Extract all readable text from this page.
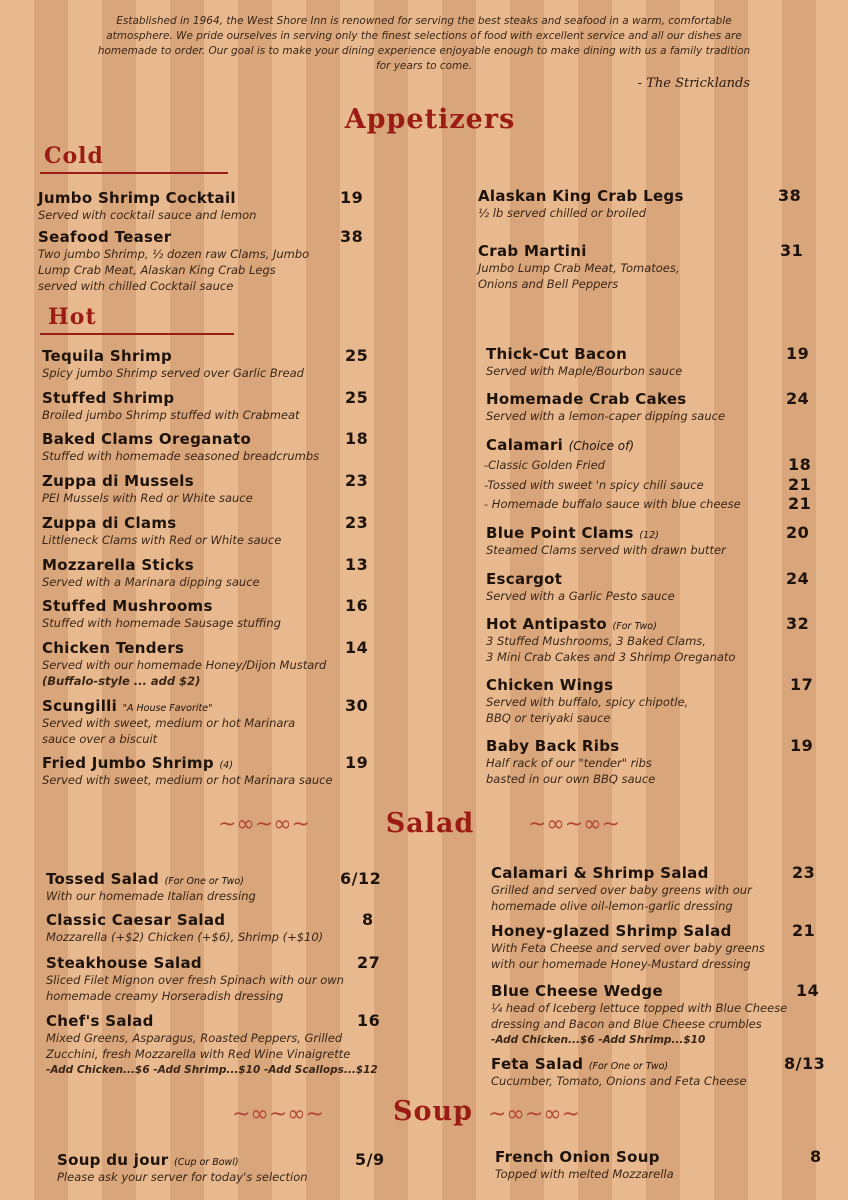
Established in 1964, the West Shore Inn is renowned for serving the best steaks and seafood in a warm, comfortable atmosphere. We pride ourselves in serving only the finest selections of food with excellent service and all our dishes are homemade to order. Our goal is to make your dining experience enjoyable enough to make dining with us a family tradition for years to come.
- The Stricklands
Appetizers
Cold
Hot
~∞~∞~	Salad	~∞~∞~
~∞~∞~	Soup ~∞~∞~
Jumbo Shrimp Cocktail
Served with cocktail sauce and lemon
19
Seafood Teaser
Two jumbo Shrimp, ½ dozen raw Clams, Jumbo
Lump Crab Meat, Alaskan King Crab Legs
served with chilled Cocktail sauce
38
Alaskan King Crab Legs
½ lb served chilled or broiled
38
Crab Martini
Jumbo Lump Crab Meat, Tomatoes,
Onions and Bell Peppers
31
Tequila Shrimp
Spicy jumbo Shrimp served over Garlic Bread
25
Stuffed Shrimp
Broiled jumbo Shrimp stuffed with Crabmeat
25
Baked Clams Oreganato
Stuffed with homemade seasoned breadcrumbs
18
Zuppa di Mussels
PEI Mussels with Red or White sauce
23
Zuppa di Clams
Littleneck Clams with Red or White sauce
23
Mozzarella Sticks
Served with a Marinara dipping sauce
13
Stuffed Mushrooms
Stuffed with homemade Sausage stuffing
16
Chicken Tenders
Served with our homemade Honey/Dijon Mustard
(Buffalo-style ... add $2)
14
Scungilli "A House Favorite"
Served with sweet, medium or hot Marinara
sauce over a biscuit
30
Fried Jumbo Shrimp (4)
Served with sweet, medium or hot Marinara sauce
19
Thick-Cut Bacon
Served with Maple/Bourbon sauce
19
Homemade Crab Cakes
Served with a lemon-caper dipping sauce
24
Calamari (Choice of)
-Classic Golden Fried	18
-Tossed with sweet 'n spicy chili sauce	21
- Homemade buffalo sauce with blue cheese	21
Blue Point Clams (12)
Steamed Clams served with drawn butter
20
Escargot
Served with a Garlic Pesto sauce
24
Hot Antipasto (For Two)
3 Stuffed Mushrooms, 3 Baked Clams,
3 Mini Crab Cakes and 3 Shrimp Oreganato
32
Chicken Wings
Served with buffalo, spicy chipotle,
BBQ or teriyaki sauce
17
Baby Back Ribs
Half rack of our "tender" ribs
basted in our own BBQ sauce
19
Tossed Salad (For One or Two)
With our homemade Italian dressing
6/12
Classic Caesar Salad
Mozzarella (+$2) Chicken (+$6), Shrimp (+$10)
8
Steakhouse Salad
Sliced Filet Mignon over fresh Spinach with our own
homemade creamy Horseradish dressing
27
Chef's Salad
Mixed Greens, Asparagus, Roasted Peppers, Grilled
Zucchini, fresh Mozzarella with Red Wine Vinaigrette
-Add Chicken...$6 -Add Shrimp...$10 -Add Scallops...$12
16
Calamari & Shrimp Salad
Grilled and served over baby greens with our
homemade olive oil-lemon-garlic dressing
23
Honey-glazed Shrimp Salad
With Feta Cheese and served over baby greens
with our homemade Honey-Mustard dressing
21
Blue Cheese Wedge
¼ head of Iceberg lettuce topped with Blue Cheese
dressing and Bacon and Blue Cheese crumbles
-Add Chicken...$6 -Add Shrimp...$10
14
Feta Salad (For One or Two)
Cucumber, Tomato, Onions and Feta Cheese
8/13
Soup du jour (Cup or Bowl)
Please ask your server for today's selection
5/9	French Onion Soup
Topped with melted Mozzarella
8
